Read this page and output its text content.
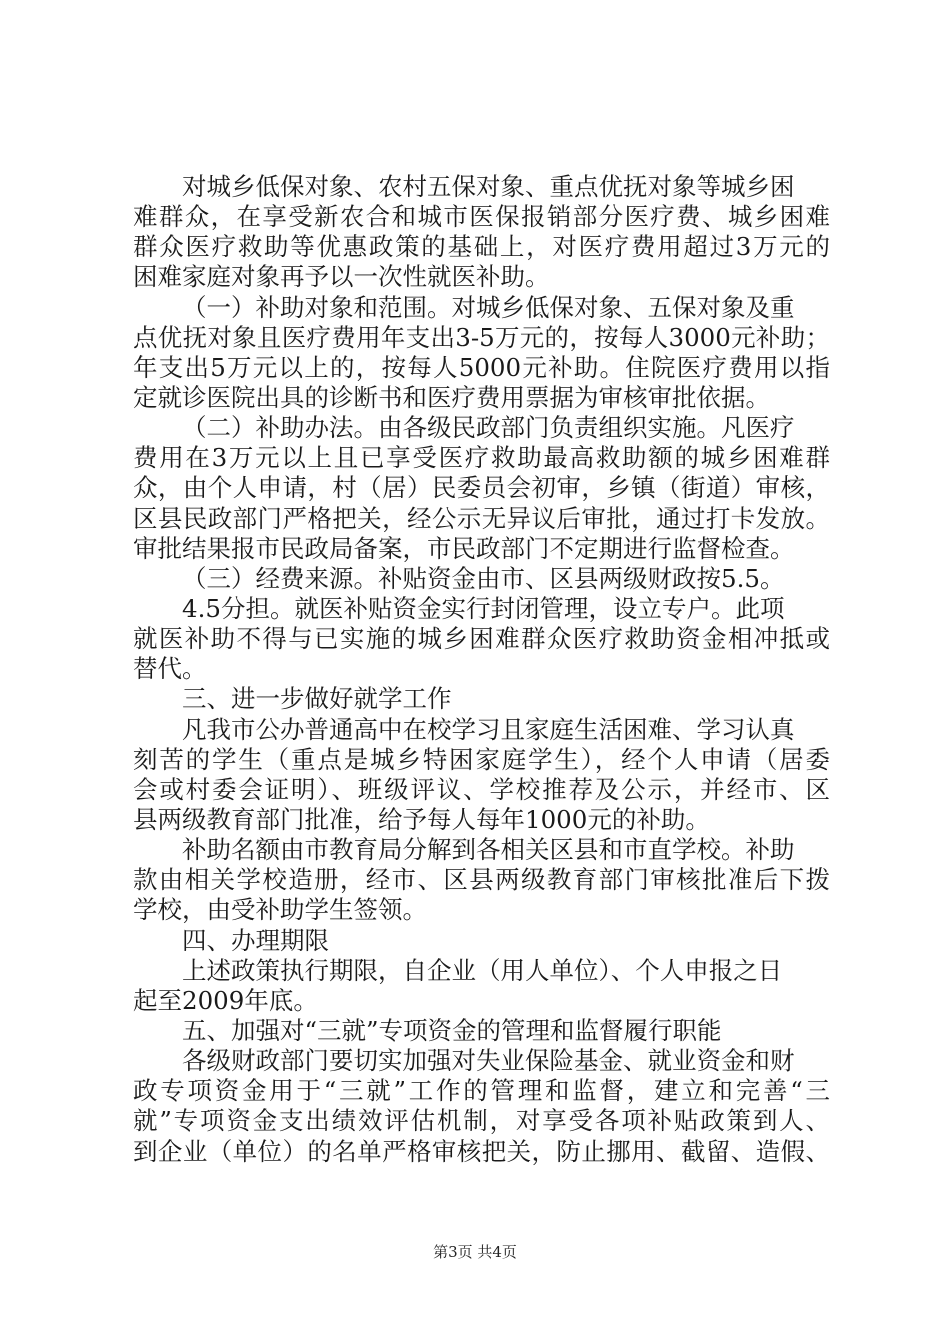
对城乡低保对象、农村五保对象、重点优抚对象等城乡困
难群众，在享受新农合和城市医保报销部分医疗费、城乡困难
群众医疗救助等优惠政策的基础上，对医疗费用超过3万元的
困难家庭对象再予以一次性就医补助。
（一）补助对象和范围。对城乡低保对象、五保对象及重
点优抚对象且医疗费用年支出3-5万元的，按每人3000元补助；
年支出5万元以上的，按每人5000元补助。住院医疗费用以指
定就诊医院出具的诊断书和医疗费用票据为审核审批依据。
（二）补助办法。由各级民政部门负责组织实施。凡医疗
费用在3万元以上且已享受医疗救助最高救助额的城乡困难群
众，由个人申请，村（居）民委员会初审，乡镇（街道）审核，
区县民政部门严格把关，经公示无异议后审批，通过打卡发放。
审批结果报市民政局备案，市民政部门不定期进行监督检查。
（三）经费来源。补贴资金由市、区县两级财政按5.5。
4.5分担。就医补贴资金实行封闭管理，设立专户。此项
就医补助不得与已实施的城乡困难群众医疗救助资金相冲抵或
替代。
三、进一步做好就学工作
凡我市公办普通高中在校学习且家庭生活困难、学习认真
刻苦的学生（重点是城乡特困家庭学生），经个人申请（居委
会或村委会证明）、班级评议、学校推荐及公示，并经市、区
县两级教育部门批准，给予每人每年1000元的补助。
补助名额由市教育局分解到各相关区县和市直学校。补助
款由相关学校造册，经市、区县两级教育部门审核批准后下拨
学校，由受补助学生签领。
四、办理期限
上述政策执行期限，自企业（用人单位）、个人申报之日
起至2009年底。
五、加强对“三就”专项资金的管理和监督履行职能
各级财政部门要切实加强对失业保险基金、就业资金和财
政专项资金用于“三就”工作的管理和监督，建立和完善“三
就”专项资金支出绩效评估机制，对享受各项补贴政策到人、
到企业（单位）的名单严格审核把关，防止挪用、截留、造假、
第3页 共4页
